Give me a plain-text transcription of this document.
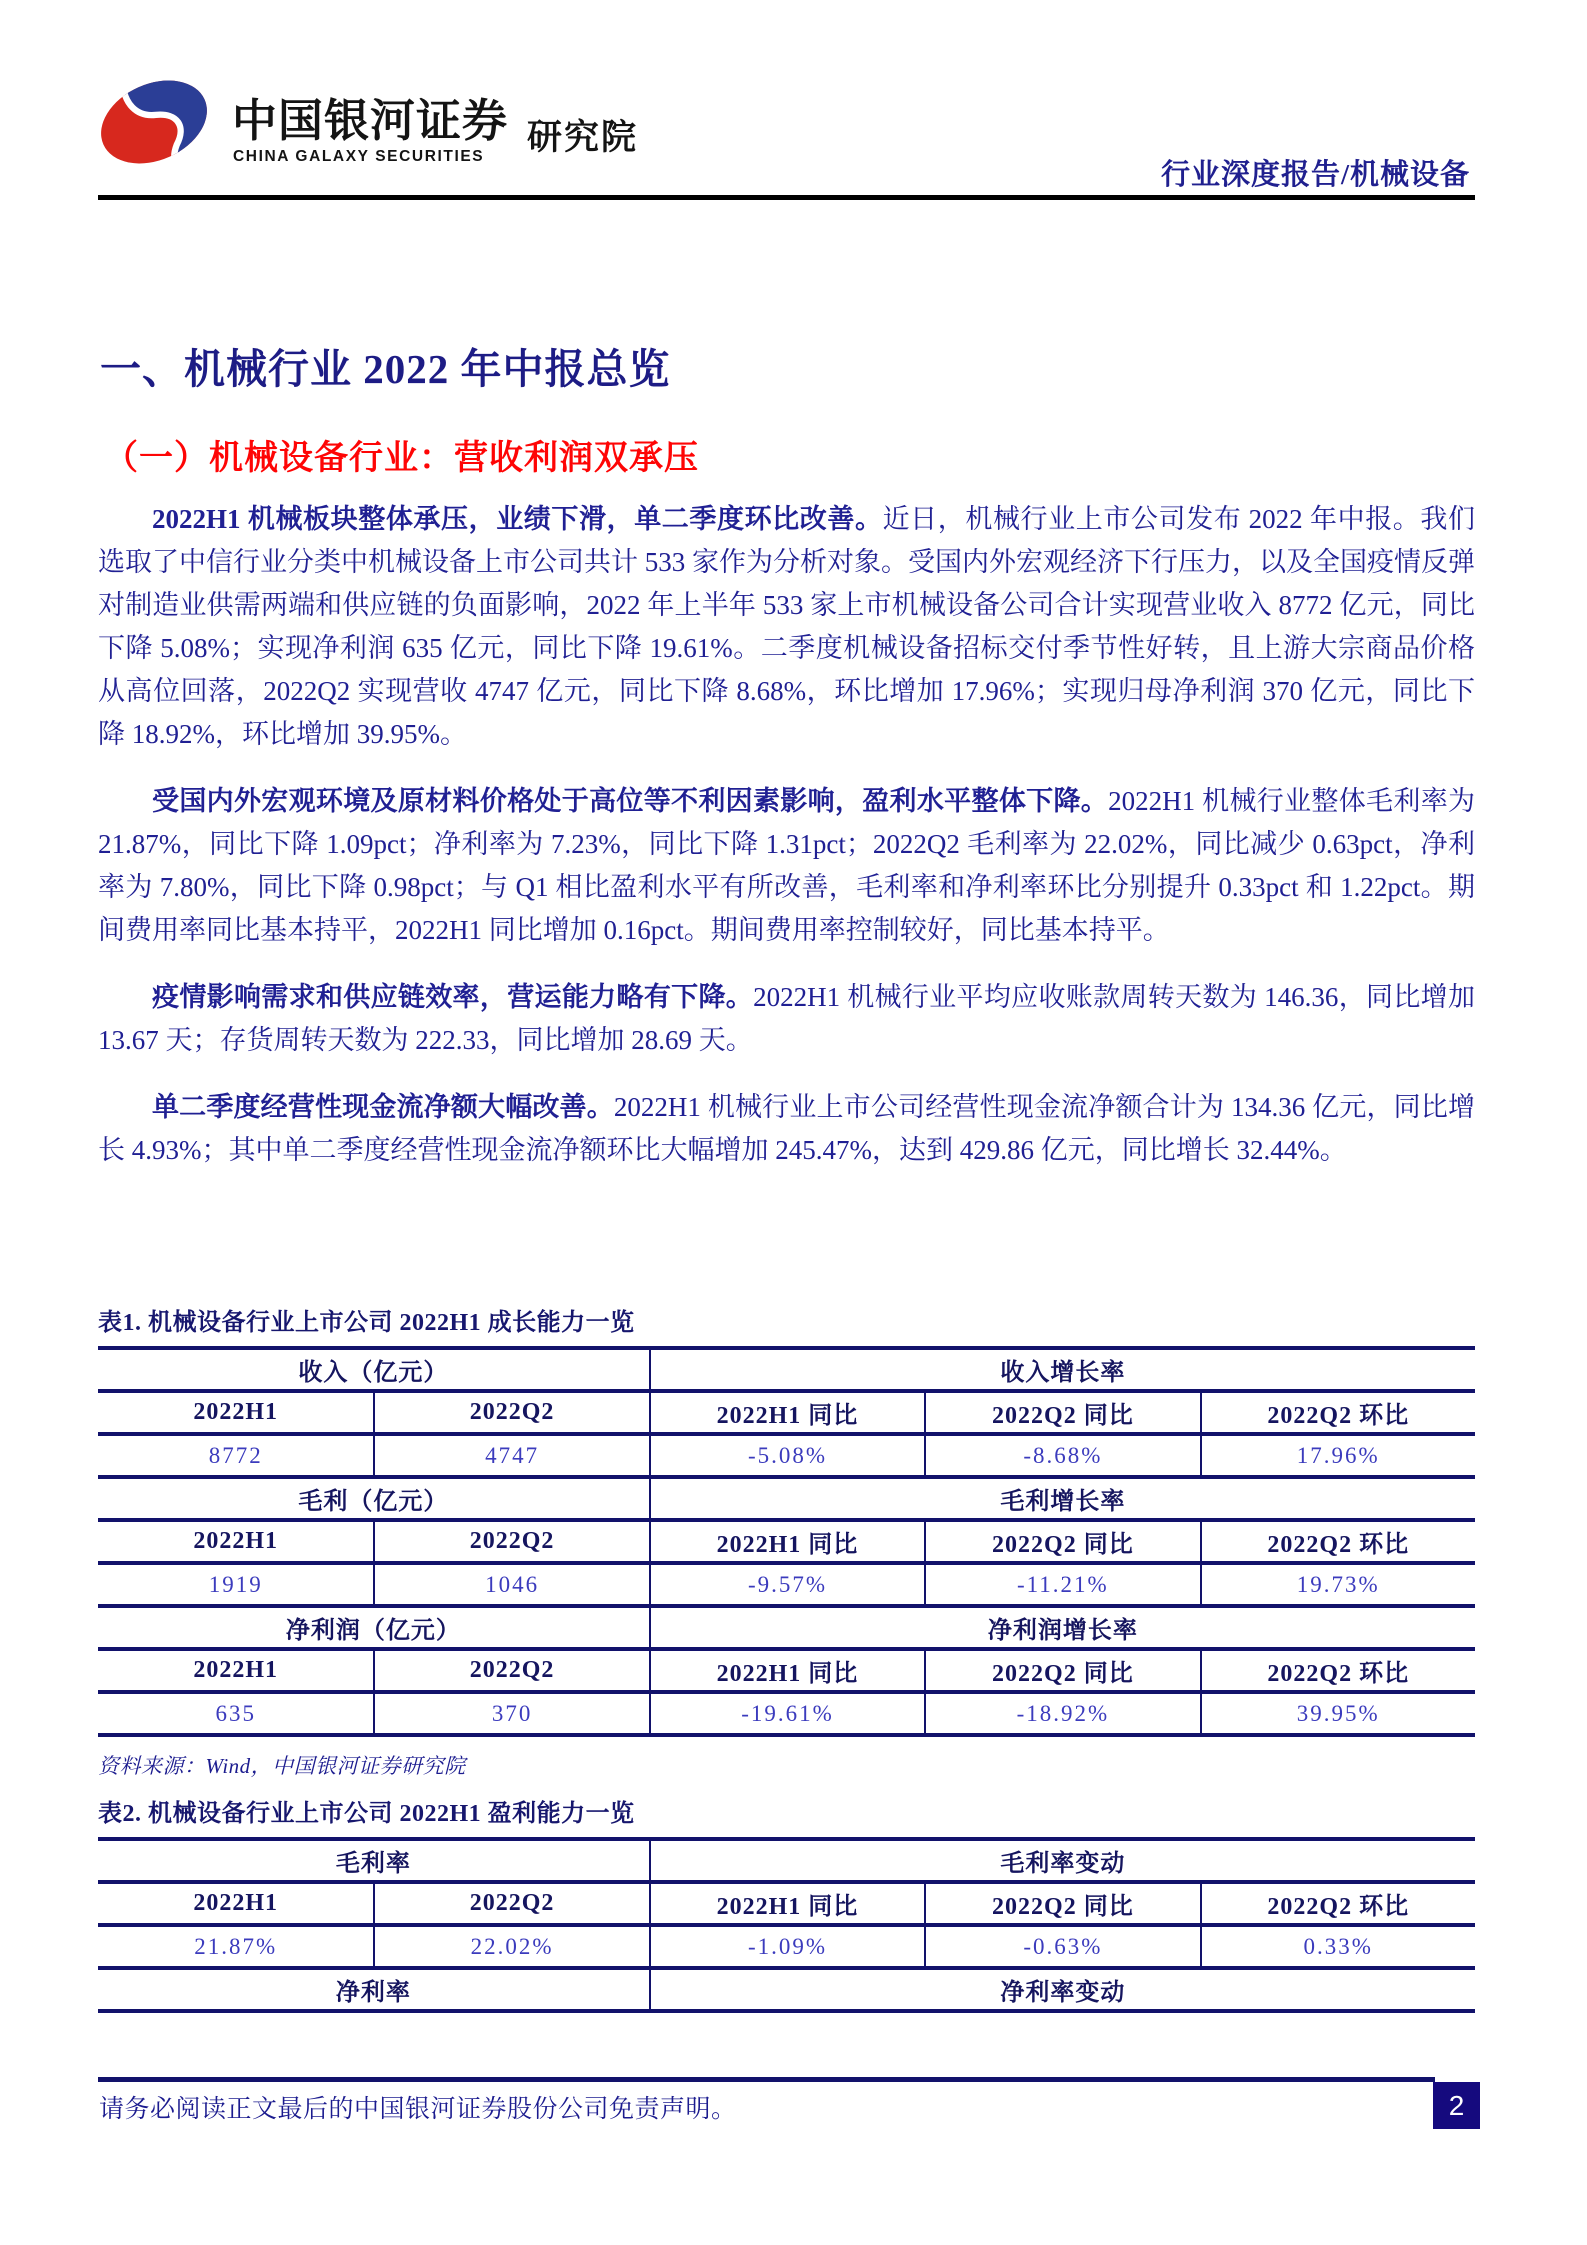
中国银河证券
CHINA GALAXY SECURITIES 研究院
行业深度报告/机械设备
一、机械行业 2022 年中报总览
（一）机械设备行业：营收利润双承压

2022H1 机械板块整体承压，业绩下滑，单二季度环比改善。近日，机械行业上市公司发布 2022 年中报。我们选取了中信行业分类中机械设备上市公司共计 533 家作为分析对象。受国内外宏观经济下行压力，以及全国疫情反弹对制造业供需两端和供应链的负面影响，2022 年上半年 533 家上市机械设备公司合计实现营业收入 8772 亿元，同比下降 5.08%；实现净利润 635 亿元，同比下降 19.61%。二季度机械设备招标交付季节性好转，且上游大宗商品价格从高位回落，2022Q2 实现营收 4747 亿元，同比下降 8.68%，环比增加 17.96%；实现归母净利润 370 亿元，同比下降 18.92%，环比增加 39.95%。

受国内外宏观环境及原材料价格处于高位等不利因素影响，盈利水平整体下降。2022H1 机械行业整体毛利率为 21.87%，同比下降 1.09pct；净利率为 7.23%，同比下降 1.31pct；2022Q2 毛利率为 22.02%，同比减少 0.63pct，净利率为 7.80%，同比下降 0.98pct；与 Q1 相比盈利水平有所改善，毛利率和净利率环比分别提升 0.33pct 和 1.22pct。期间费用率同比基本持平，2022H1 同比增加 0.16pct。期间费用率控制较好，同比基本持平。

疫情影响需求和供应链效率，营运能力略有下降。2022H1 机械行业平均应收账款周转天数为 146.36，同比增加 13.67 天；存货周转天数为 222.33，同比增加 28.69 天。

单二季度经营性现金流净额大幅改善。2022H1 机械行业上市公司经营性现金流净额合计为 134.36 亿元，同比增长 4.93%；其中单二季度经营性现金流净额环比大幅增加 245.47%，达到 429.86 亿元，同比增长 32.44%。

表1. 机械设备行业上市公司 2022H1 成长能力一览
收入（亿元）	收入增长率
2022H1	2022Q2	2022H1 同比	2022Q2 同比	2022Q2 环比
8772	4747	-5.08%	-8.68%	17.96%
毛利（亿元）	毛利增长率
2022H1	2022Q2	2022H1 同比	2022Q2 同比	2022Q2 环比
1919	1046	-9.57%	-11.21%	19.73%
净利润（亿元）	净利润增长率
2022H1	2022Q2	2022H1 同比	2022Q2 同比	2022Q2 环比
635	370	-19.61%	-18.92%	39.95%
资料来源：Wind，中国银河证券研究院
表2. 机械设备行业上市公司 2022H1 盈利能力一览
毛利率	毛利率变动
2022H1	2022Q2	2022H1 同比	2022Q2 同比	2022Q2 环比
21.87%	22.02%	-1.09%	-0.63%	0.33%
净利率	净利率变动
请务必阅读正文最后的中国银河证券股份公司免责声明。	2
